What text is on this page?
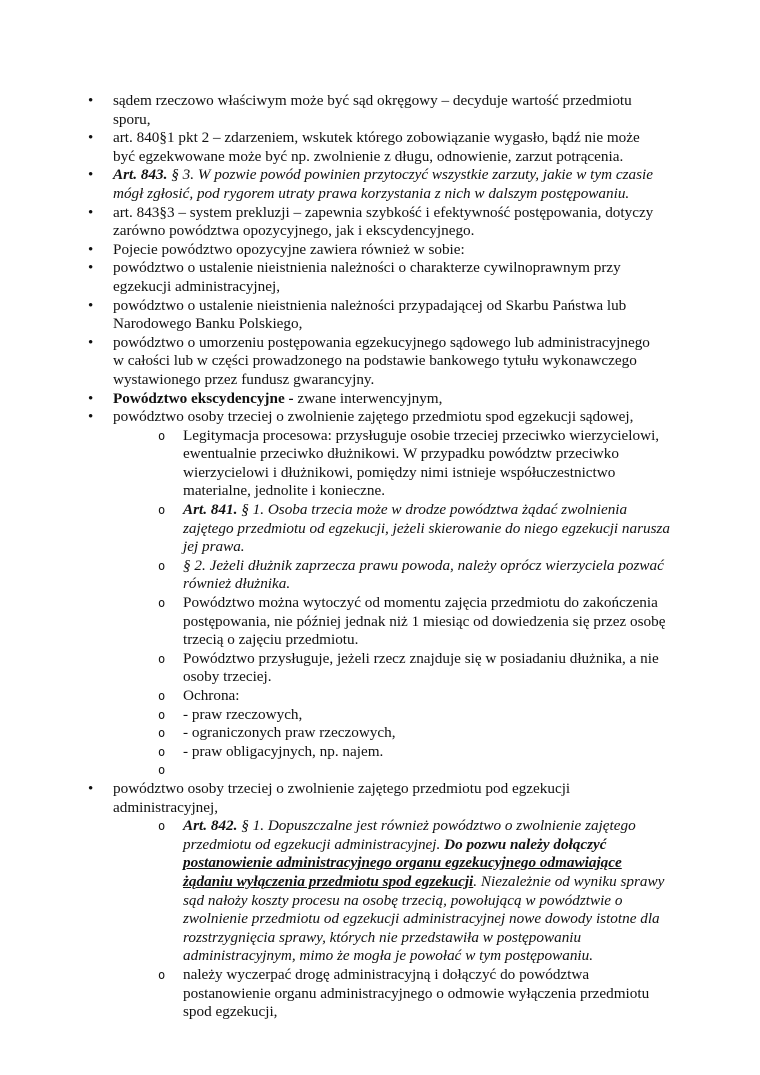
• sądem rzeczowo właściwym może być sąd okręgowy – decyduje wartość przedmiotu sporu,
• art. 840§1 pkt 2 – zdarzeniem, wskutek którego zobowiązanie wygasło, bądź nie może być egzekwowane może być np. zwolnienie z długu, odnowienie, zarzut potrącenia.
• Art. 843. § 3. W pozwie powód powinien przytoczyć wszystkie zarzuty, jakie w tym czasie mógł zgłosić, pod rygorem utraty prawa korzystania z nich w dalszym postępowaniu.
• art. 843§3 – system prekluzji – zapewnia szybkość i efektywność postępowania, dotyczy zarówno powództwa opozycyjnego, jak i ekscydencyjnego.
• Pojecie powództwo opozycyjne zawiera również w sobie:
• powództwo o ustalenie nieistnienia należności o charakterze cywilnoprawnym przy egzekucji administracyjnej,
• powództwo o ustalenie nieistnienia należności przypadającej od Skarbu Państwa lub Narodowego Banku Polskiego,
• powództwo o umorzeniu postępowania egzekucyjnego sądowego lub administracyjnego w całości lub w części prowadzonego na podstawie bankowego tytułu wykonawczego wystawionego przez fundusz gwarancyjny.
• Powództwo ekscydencyjne - zwane interwencyjnym,
• powództwo osoby trzeciej o zwolnienie zajętego przedmiotu spod egzekucji sądowej,
o Legitymacja procesowa: przysługuje osobie trzeciej przeciwko wierzycielowi, ewentualnie przeciwko dłużnikowi. W przypadku powództw przeciwko wierzycielowi i dłużnikowi, pomiędzy nimi istnieje współuczestnictwo materialne, jednolite i konieczne.
o Art. 841. § 1. Osoba trzecia może w drodze powództwa żądać zwolnienia zajętego przedmiotu od egzekucji, jeżeli skierowanie do niego egzekucji narusza jej prawa.
o § 2. Jeżeli dłużnik zaprzecza prawu powoda, należy oprócz wierzyciela pozwać również dłużnika.
o Powództwo można wytoczyć od momentu zajęcia przedmiotu do zakończenia postępowania, nie później jednak niż 1 miesiąc od dowiedzenia się przez osobę trzecią o zajęciu przedmiotu.
o Powództwo przysługuje, jeżeli rzecz znajduje się w posiadaniu dłużnika, a nie osoby trzeciej.
o Ochrona:
o - praw rzeczowych,
o - ograniczonych praw rzeczowych,
o - praw obligacyjnych, np. najem.
o
• powództwo osoby trzeciej o zwolnienie zajętego przedmiotu pod egzekucji administracyjnej,
o Art. 842. § 1. Dopuszczalne jest również powództwo o zwolnienie zajętego przedmiotu od egzekucji administracyjnej. Do pozwu należy dołączyć postanowienie administracyjnego organu egzekucyjnego odmawiające żądaniu wyłączenia przedmiotu spod egzekucji. Niezależnie od wyniku sprawy sąd nałoży koszty procesu na osobę trzecią, powołującą w powództwie o zwolnienie przedmiotu od egzekucji administracyjnej nowe dowody istotne dla rozstrzygnięcia sprawy, których nie przedstawiła w postępowaniu administracyjnym, mimo że mogła je powołać w tym postępowaniu.
o należy wyczerpać drogę administracyjną i dołączyć do powództwa postanowienie organu administracyjnego o odmowie wyłączenia przedmiotu spod egzekucji,
